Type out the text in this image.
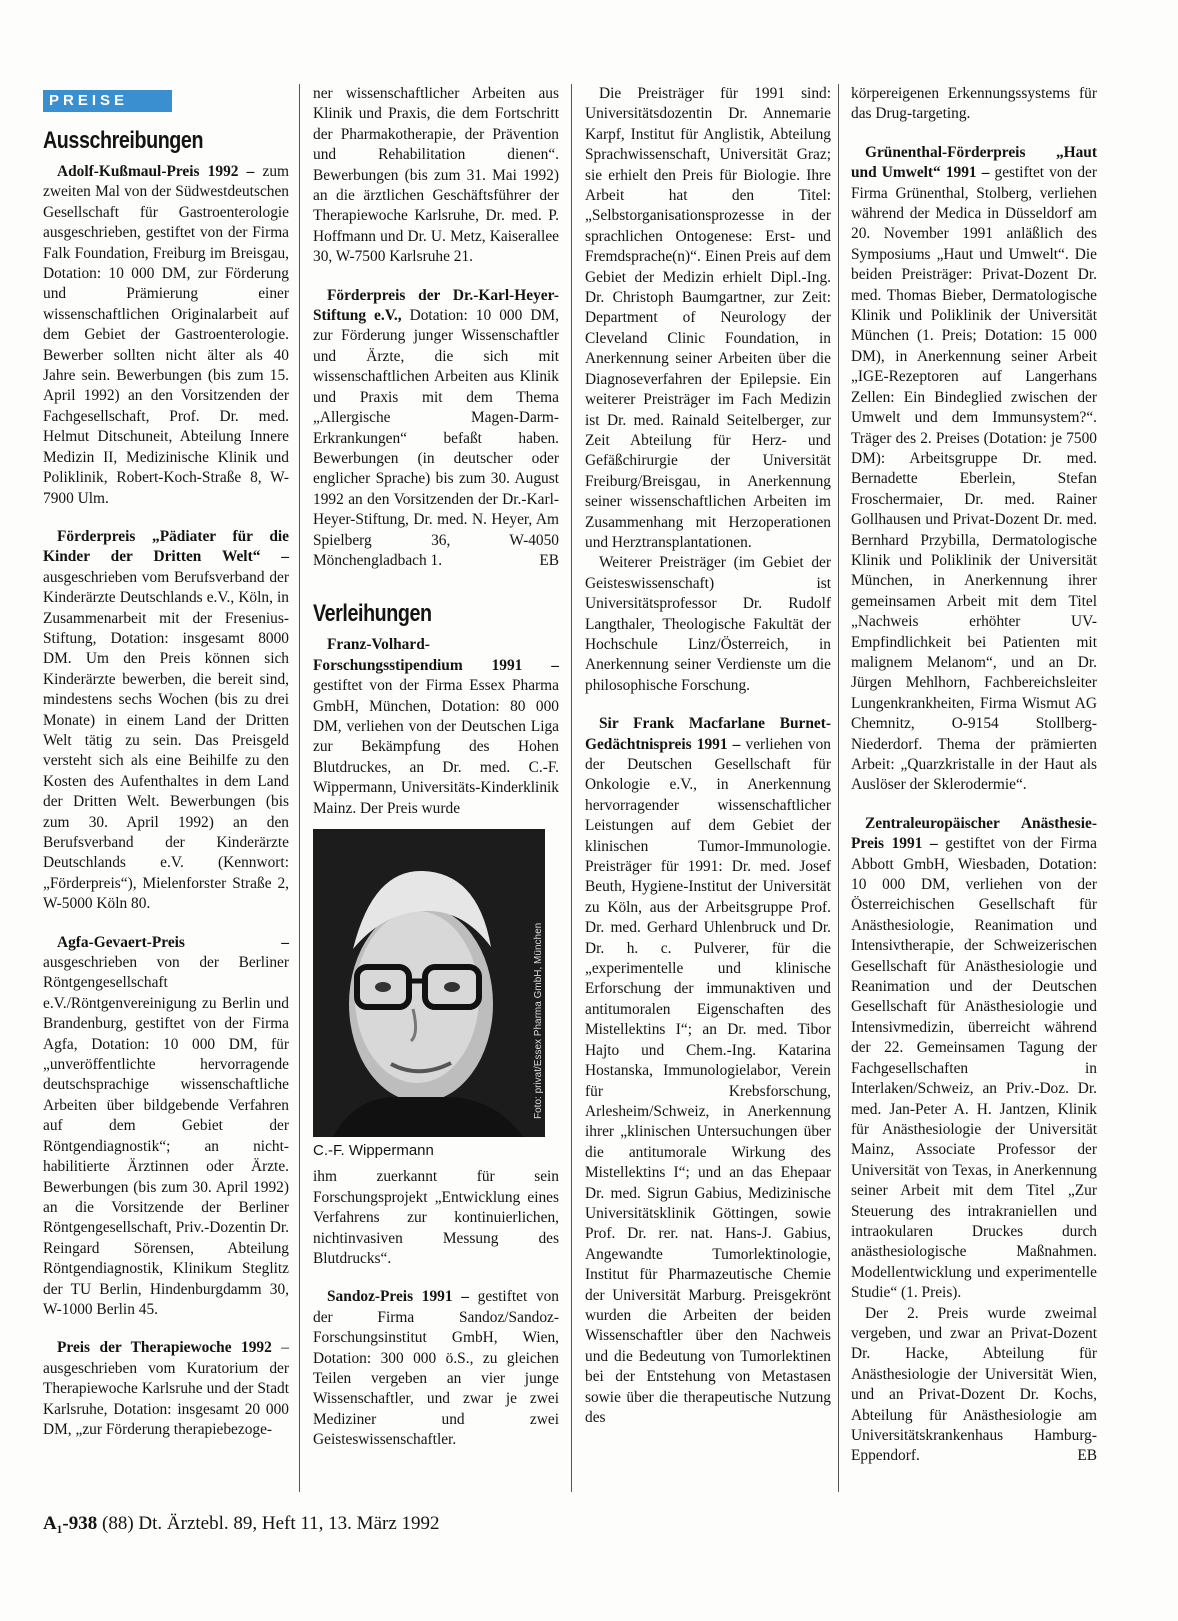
PREISE
Ausschreibungen

Adolf-Kußmaul-Preis 1992 – zum zweiten Mal von der Südwestdeutschen Gesellschaft für Gastroenterologie ausgeschrieben, gestiftet von der Firma Falk Foundation, Freiburg im Breisgau, Dotation: 10 000 DM, zur Förderung und Prämierung einer wissenschaftlichen Originalarbeit auf dem Gebiet der Gastroenterologie. Bewerber sollten nicht älter als 40 Jahre sein. Bewerbungen (bis zum 15. April 1992) an den Vorsitzenden der Fachgesellschaft, Prof. Dr. med. Helmut Ditschuneit, Abteilung Innere Medizin II, Medizinische Klinik und Poliklinik, Robert-Koch-Straße 8, W-7900 Ulm.

Förderpreis „Pädiater für die Kinder der Dritten Welt“ – ausgeschrieben vom Berufsverband der Kinderärzte Deutschlands e.V., Köln, in Zusammenarbeit mit der Fresenius-Stiftung, Dotation: insgesamt 8000 DM. Um den Preis können sich Kinderärzte bewerben, die bereit sind, mindestens sechs Wochen (bis zu drei Monate) in einem Land der Dritten Welt tätig zu sein. Das Preisgeld versteht sich als eine Beihilfe zu den Kosten des Aufenthaltes in dem Land der Dritten Welt. Bewerbungen (bis zum 30. April 1992) an den Berufsverband der Kinderärzte Deutschlands e.V. (Kennwort: „Förderpreis“), Mielenforster Straße 2, W-5000 Köln 80.

Agfa-Gevaert-Preis – ausgeschrieben von der Berliner Röntgengesellschaft e.V./Röntgenvereinigung zu Berlin und Brandenburg, gestiftet von der Firma Agfa, Dotation: 10 000 DM, für „unveröffentlichte hervorragende deutschsprachige wissenschaftliche Arbeiten über bildgebende Verfahren auf dem Gebiet der Röntgendiagnostik“; an nicht-habilitierte Ärztinnen oder Ärzte. Bewerbungen (bis zum 30. April 1992) an die Vorsitzende der Berliner Röntgengesellschaft, Priv.-Dozentin Dr. Reingard Sörensen, Abteilung Röntgendiagnostik, Klinikum Steglitz der TU Berlin, Hindenburgdamm 30, W-1000 Berlin 45.

Preis der Therapiewoche 1992 – ausgeschrieben vom Kuratorium der Therapiewoche Karlsruhe und der Stadt Karlsruhe, Dotation: insgesamt 20 000 DM, „zur Förderung therapiebezoge-

ner wissenschaftlicher Arbeiten aus Klinik und Praxis, die dem Fortschritt der Pharmakotherapie, der Prävention und Rehabilitation dienen“. Bewerbungen (bis zum 31. Mai 1992) an die ärztlichen Geschäftsführer der Therapiewoche Karlsruhe, Dr. med. P. Hoffmann und Dr. U. Metz, Kaiserallee 30, W-7500 Karlsruhe 21.

Förderpreis der Dr.-Karl-Heyer-Stiftung e.V., Dotation: 10 000 DM, zur Förderung junger Wissenschaftler und Ärzte, die sich mit wissenschaftlichen Arbeiten aus Klinik und Praxis mit dem Thema „Allergische Magen-Darm-Erkrankungen“ befaßt haben. Bewerbungen (in deutscher oder englicher Sprache) bis zum 30. August 1992 an den Vorsitzenden der Dr.-Karl-Heyer-Stiftung, Dr. med. N. Heyer, Am Spielberg 36, W-4050 Mönchengladbach 1.	EB

Verleihungen

Franz-Volhard-Forschungsstipendium 1991 – gestiftet von der Firma Essex Pharma GmbH, München, Dotation: 80 000 DM, verliehen von der Deutschen Liga zur Bekämpfung des Hohen Blutdruckes, an Dr. med. C.-F. Wippermann, Universitäts-Kinderklinik Mainz. Der Preis wurde

Foto: privat/Essex Pharma GmbH, München
C.-F. Wippermann

ihm zuerkannt für sein Forschungsprojekt „Entwicklung eines Verfahrens zur kontinuierlichen, nichtinvasiven Messung des Blutdrucks“.

Sandoz-Preis 1991 – gestiftet von der Firma Sandoz/Sandoz-Forschungsinstitut GmbH, Wien, Dotation: 300 000 ö.S., zu gleichen Teilen vergeben an vier junge Wissenschaftler, und zwar je zwei Mediziner und zwei Geisteswissenschaftler.

Die Preisträger für 1991 sind: Universitätsdozentin Dr. Annemarie Karpf, Institut für Anglistik, Abteilung Sprachwissenschaft, Universität Graz; sie erhielt den Preis für Biologie. Ihre Arbeit hat den Titel: „Selbstorganisationsprozesse in der sprachlichen Ontogenese: Erst- und Fremdsprache(n)“. Einen Preis auf dem Gebiet der Medizin erhielt Dipl.-Ing. Dr. Christoph Baumgartner, zur Zeit: Department of Neurology der Cleveland Clinic Foundation, in Anerkennung seiner Arbeiten über die Diagnoseverfahren der Epilepsie. Ein weiterer Preisträger im Fach Medizin ist Dr. med. Rainald Seitelberger, zur Zeit Abteilung für Herz- und Gefäßchirurgie der Universität Freiburg/Breisgau, in Anerkennung seiner wissenschaftlichen Arbeiten im Zusammenhang mit Herzoperationen und Herztransplantationen.

Weiterer Preisträger (im Gebiet der Geisteswissenschaft) ist Universitätsprofessor Dr. Rudolf Langthaler, Theologische Fakultät der Hochschule Linz/Österreich, in Anerkennung seiner Verdienste um die philosophische Forschung.

Sir Frank Macfarlane Burnet-Gedächtnispreis 1991 – verliehen von der Deutschen Gesellschaft für Onkologie e.V., in Anerkennung hervorragender wissenschaftlicher Leistungen auf dem Gebiet der klinischen Tumor-Immunologie. Preisträger für 1991: Dr. med. Josef Beuth, Hygiene-Institut der Universität zu Köln, aus der Arbeitsgruppe Prof. Dr. med. Gerhard Uhlenbruck und Dr. Dr. h. c. Pulverer, für die „experimentelle und klinische Erforschung der immunaktiven und antitumoralen Eigenschaften des Mistellektins I“; an Dr. med. Tibor Hajto und Chem.-Ing. Katarina Hostanska, Immunologielabor, Verein für Krebsforschung, Arlesheim/Schweiz, in Anerkennung ihrer „klinischen Untersuchungen über die antitumorale Wirkung des Mistellektins I“; und an das Ehepaar Dr. med. Sigrun Gabius, Medizinische Universitätsklinik Göttingen, sowie Prof. Dr. rer. nat. Hans-J. Gabius, Angewandte Tumorlektinologie, Institut für Pharmazeutische Chemie der Universität Marburg. Preisgekrönt wurden die Arbeiten der beiden Wissenschaftler über den Nachweis und die Bedeutung von Tumorlektinen bei der Entstehung von Metastasen sowie über die therapeutische Nutzung des

körpereigenen Erkennungssystems für das Drug-targeting.

Grünenthal-Förderpreis „Haut und Umwelt“ 1991 – gestiftet von der Firma Grünenthal, Stolberg, verliehen während der Medica in Düsseldorf am 20. November 1991 anläßlich des Symposiums „Haut und Umwelt“. Die beiden Preisträger: Privat-Dozent Dr. med. Thomas Bieber, Dermatologische Klinik und Poliklinik der Universität München (1. Preis; Dotation: 15 000 DM), in Anerkennung seiner Arbeit „IGE-Rezeptoren auf Langerhans Zellen: Ein Bindeglied zwischen der Umwelt und dem Immunsystem?“. Träger des 2. Preises (Dotation: je 7500 DM): Arbeitsgruppe Dr. med. Bernadette Eberlein, Stefan Froschermaier, Dr. med. Rainer Gollhausen und Privat-Dozent Dr. med. Bernhard Przybilla, Dermatologische Klinik und Poliklinik der Universität München, in Anerkennung ihrer gemeinsamen Arbeit mit dem Titel „Nachweis erhöhter UV-Empfindlichkeit bei Patienten mit malignem Melanom“, und an Dr. Jürgen Mehlhorn, Fachbereichsleiter Lungenkrankheiten, Firma Wismut AG Chemnitz, O-9154 Stollberg-Niederdorf. Thema der prämierten Arbeit: „Quarzkristalle in der Haut als Auslöser der Sklerodermie“.

Zentraleuropäischer Anästhesie-Preis 1991 – gestiftet von der Firma Abbott GmbH, Wiesbaden, Dotation: 10 000 DM, verliehen von der Österreichischen Gesellschaft für Anästhesiologie, Reanimation und Intensivtherapie, der Schweizerischen Gesellschaft für Anästhesiologie und Reanimation und der Deutschen Gesellschaft für Anästhesiologie und Intensivmedizin, überreicht während der 22. Gemeinsamen Tagung der Fachgesellschaften in Interlaken/Schweiz, an Priv.-Doz. Dr. med. Jan-Peter A. H. Jantzen, Klinik für Anästhesiologie der Universität Mainz, Associate Professor der Universität von Texas, in Anerkennung seiner Arbeit mit dem Titel „Zur Steuerung des intrakraniellen und intraokularen Druckes durch anästhesiologische Maßnahmen. Modellentwicklung und experimentelle Studie“ (1. Preis).

Der 2. Preis wurde zweimal vergeben, und zwar an Privat-Dozent Dr. Hacke, Abteilung für Anästhesiologie der Universität Wien, und an Privat-Dozent Dr. Kochs, Abteilung für Anästhesiologie am Universitätskrankenhaus Hamburg-Eppendorf.	EB

A₁-938 (88) Dt. Ärztebl. 89, Heft 11, 13. März 1992
